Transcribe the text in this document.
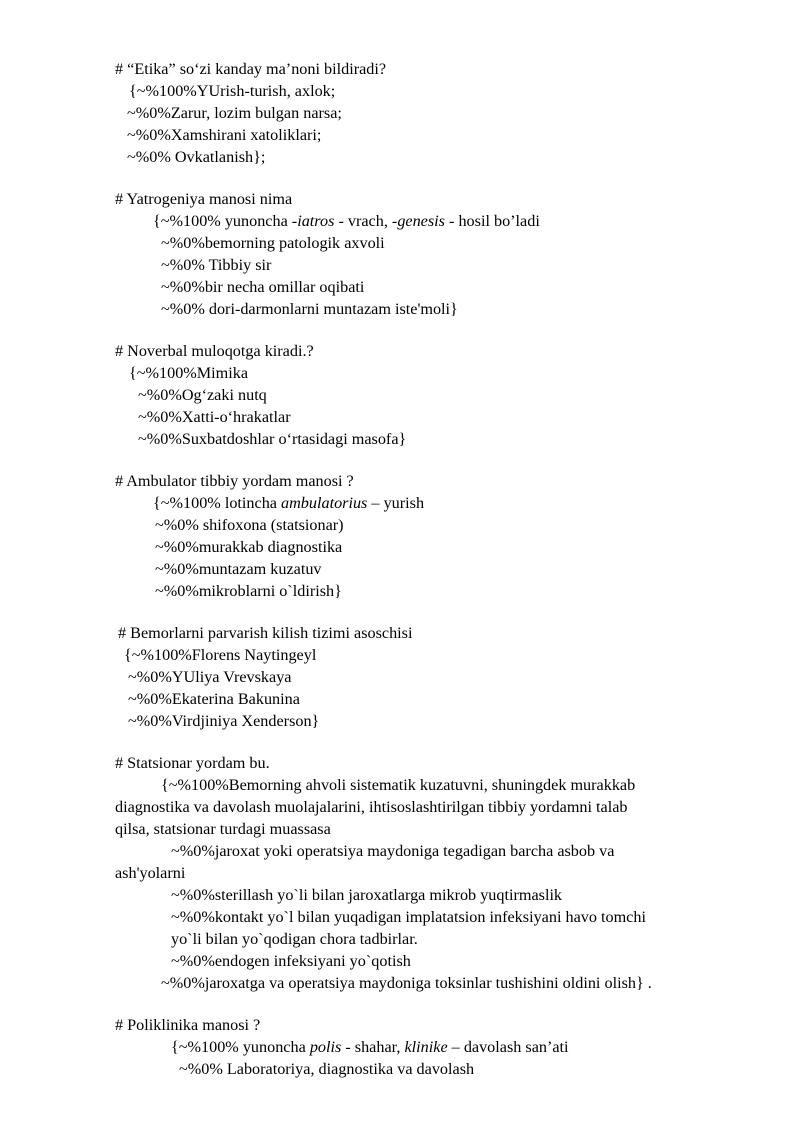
# “Etika” so‘zi kanday ma’noni bildiradi?
{~%100%YUrish-turish, axlok;
~%0%Zarur, lozim bulgan narsa;
~%0%Xamshirani xatoliklari;
~%0% Ovkatlanish};
# Yatrogeniya manosi nima
{~%100% yunoncha -iatros - vrach, -genesis - hosil bo’ladi
~%0%bemorning patologik axvoli
~%0% Tibbiy sir
~%0%bir necha omillar oqibati
~%0% dori-darmonlarni muntazam iste'moli}
# Noverbal muloqotga kiradi.?
{~%100%Mimika
~%0%Og‘zaki nutq
~%0%Xatti-o‘hrakatlar
~%0%Suxbatdoshlar o‘rtasidagi masofa}
# Ambulator tibbiy yordam manosi ?
{~%100% lotincha ambulatorius – yurish
~%0% shifoxona (statsionar)
~%0%murakkab diagnostika
~%0%muntazam kuzatuv
~%0%mikroblarni o`ldirish}
# Bemorlarni parvarish kilish tizimi asoschisi
{~%100%Florens Naytingeyl
~%0%YUliya Vrevskaya
~%0%Ekaterina Bakunina
~%0%Virdjiniya Xenderson}
# Statsionar yordam bu.
{~%100%Bemorning ahvoli sistematik kuzatuvni, shuningdek murakkab
diagnostika va davolash muolajalarini, ihtisoslashtirilgan tibbiy yordamni talab
qilsa, statsionar turdagi muassasa
~%0%jaroxat yoki operatsiya maydoniga tegadigan barcha asbob va
ash'yolarni
~%0%sterillash yo`li bilan jaroxatlarga mikrob yuqtirmaslik
~%0%kontakt yo`l bilan yuqadigan implatatsion infeksiyani havo tomchi
yo`li bilan yo`qodigan chora tadbirlar.
~%0%endogen infeksiyani yo`qotish
~%0%jaroxatga va operatsiya maydoniga toksinlar tushishini oldini olish} .
# Poliklinika manosi ?
{~%100% yunoncha polis - shahar, klinike – davolash san’ati
~%0% Laboratoriya, diagnostika va davolash
